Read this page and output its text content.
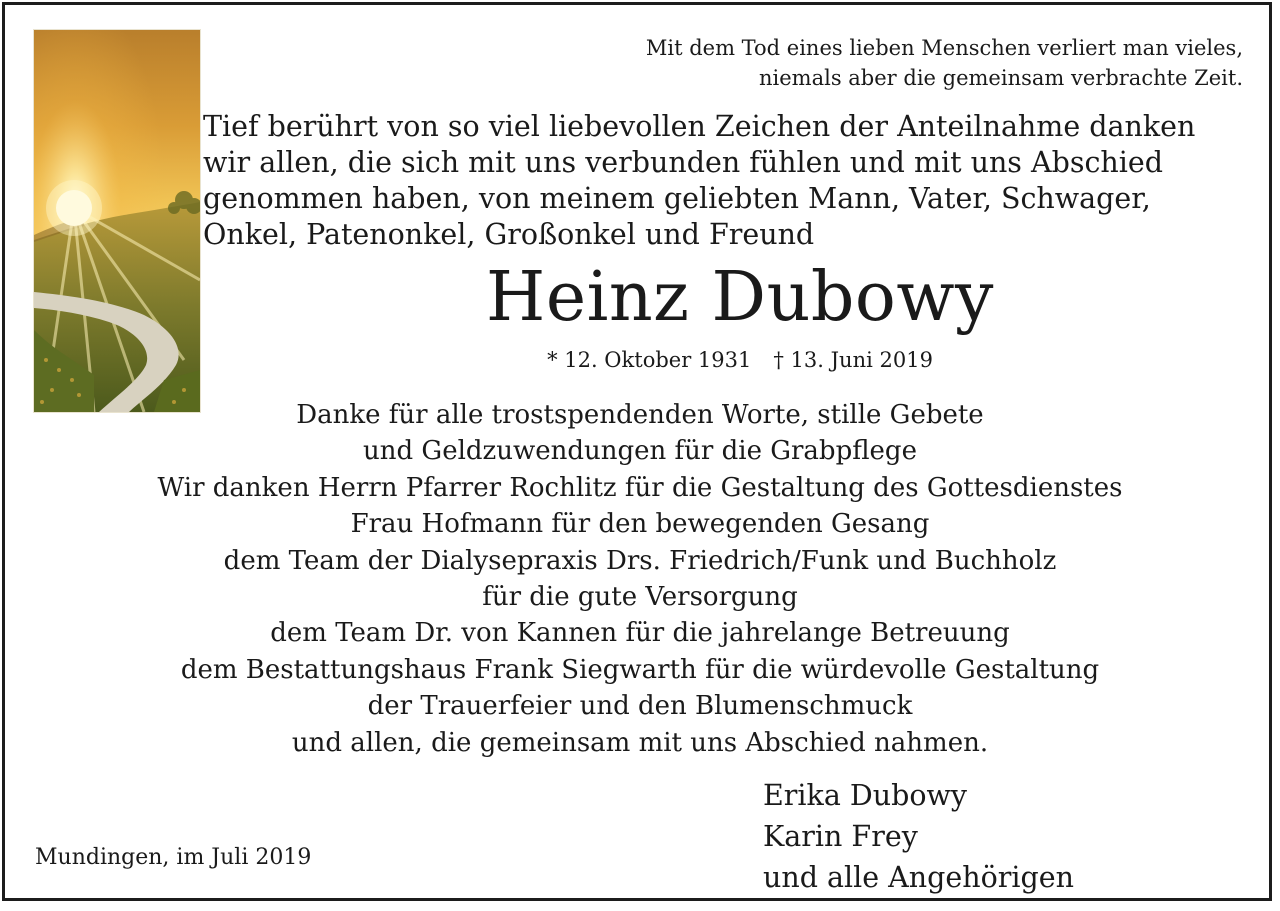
Mit dem Tod eines lieben Menschen verliert man vieles,
niemals aber die gemeinsam verbrachte Zeit.
Tief berührt von so viel liebevollen Zeichen der Anteilnahme danken
wir allen, die sich mit uns verbunden fühlen und mit uns Abschied
genommen haben, von meinem geliebten Mann, Vater, Schwager,
Onkel, Patenonkel, Großonkel und Freund
Heinz Dubowy
* 12. Oktober 1931 † 13. Juni 2019
Danke für alle trostspendenden Worte, stille Gebete
und Geldzuwendungen für die Grabpflege
Wir danken Herrn Pfarrer Rochlitz für die Gestaltung des Gottesdienstes
Frau Hofmann für den bewegenden Gesang
dem Team der Dialysepraxis Drs. Friedrich/Funk und Buchholz
für die gute Versorgung
dem Team Dr. von Kannen für die jahrelange Betreuung
dem Bestattungshaus Frank Siegwarth für die würdevolle Gestaltung
der Trauerfeier und den Blumenschmuck
und allen, die gemeinsam mit uns Abschied nahmen.
Erika Dubowy
Karin Frey
und alle Angehörigen
Mundingen, im Juli 2019
